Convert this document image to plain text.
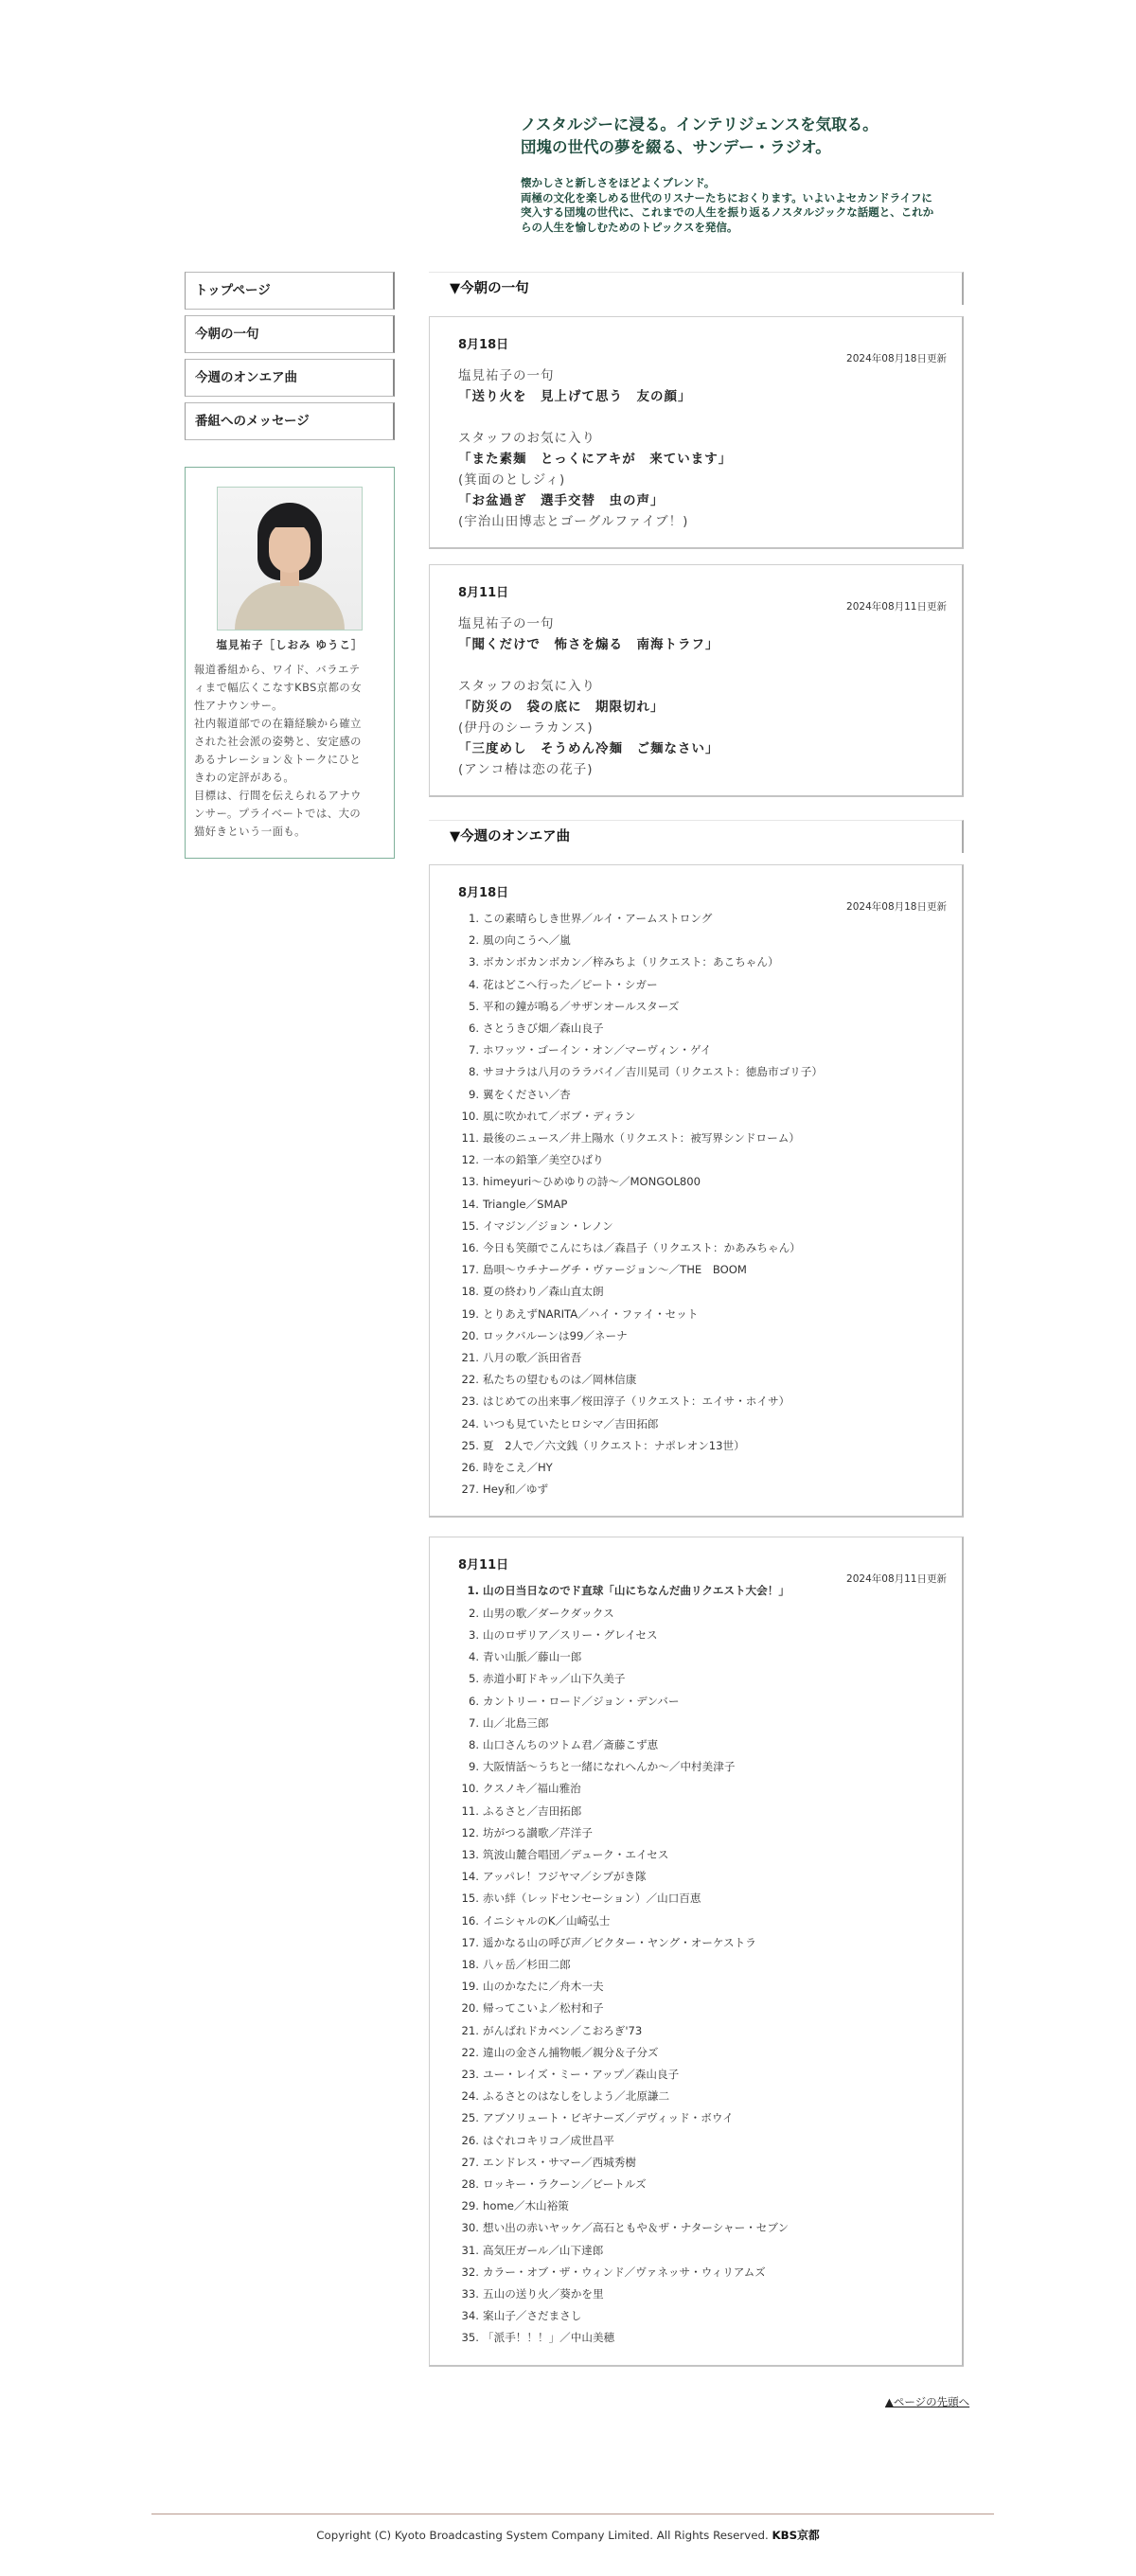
ノスタルジーに浸る。インテリジェンスを気取る。

団塊の世代の夢を綴る、サンデー・ラジオ。

懐かしさと新しさをほどよくブレンド。
両極の文化を楽しめる世代のリスナーたちにおくります。いよいよセカンドライフに
突入する団塊の世代に、これまでの人生を振り返るノスタルジックな話題と、これか
らの人生を愉しむためのトピックスを発信。
トップページ
今朝の一句
今週のオンエア曲
番組へのメッセージ
塩見祐子［しおみ ゆうこ］
報道番組から、ワイド、バラエテ
ィまで幅広くこなすKBS京都の女
性アナウンサー。
社内報道部での在籍経験から確立
された社会派の姿勢と、安定感の
あるナレーション＆トークにひと
きわの定評がある。
目標は、行間を伝えられるアナウ
ンサー。プライベートでは、大の
猫好きという一面も。
▼今朝の一句
8月18日
2024年08月18日更新
塩見祐子の一句
「送り火を　見上げて思う　友の顔」
スタッフのお気に入り
「また素麺　とっくにアキが　来ています」
(箕面のとしジィ)
「お盆過ぎ　選手交替　虫の声」
(宇治山田博志とゴーグルファイブ！)
8月11日
2024年08月11日更新
塩見祐子の一句
「聞くだけで　怖さを煽る　南海トラフ」
スタッフのお気に入り
「防災の　袋の底に　期限切れ」
(伊丹のシーラカンス)
「三度めし　そうめん冷麺　ご麺なさい」
(アンコ椿は恋の花子)
▼今週のオンエア曲
8月18日
2024年08月18日更新
1. この素晴らしき世界／ルイ・アームストロング
2. 風の向こうへ／嵐
3. ボカンボカンボカン／梓みちよ（リクエスト：あこちゃん）
4. 花はどこへ行った／ピート・シガー
5. 平和の鐘が鳴る／サザンオールスターズ
6. さとうきび畑／森山良子
7. ホワッツ・ゴーイン・オン／マーヴィン・ゲイ
8. サヨナラは八月のララバイ／吉川晃司（リクエスト：徳島市ゴリ子）
9. 翼をください／杏
10. 風に吹かれて／ボブ・ディラン
11. 最後のニュース／井上陽水（リクエスト：被写界シンドローム）
12. 一本の鉛筆／美空ひばり
13. himeyuri～ひめゆりの詩～／MONGOL800
14. Triangle／SMAP
15. イマジン／ジョン・レノン
16. 今日も笑顔でこんにちは／森昌子（リクエスト：かあみちゃん）
17. 島唄～ウチナーグチ・ヴァージョン～／THE　BOOM
18. 夏の終わり／森山直太朗
19. とりあえずNARITA／ハイ・ファイ・セット
20. ロックバルーンは99／ネーナ
21. 八月の歌／浜田省吾
22. 私たちの望むものは／岡林信康
23. はじめての出来事／桜田淳子（リクエスト：エイサ・ホイサ）
24. いつも見ていたヒロシマ／吉田拓郎
25. 夏　2人で／六文銭（リクエスト：ナポレオン13世）
26. 時をこえ／HY
27. Hey和／ゆず
8月11日
2024年08月11日更新
1. 山の日当日なのでド直球「山にちなんだ曲リクエスト大会！」
2. 山男の歌／ダークダックス
3. 山のロザリア／スリー・グレイセス
4. 青い山脈／藤山一郎
5. 赤道小町ドキッ／山下久美子
6. カントリー・ロード／ジョン・デンバー
7. 山／北島三郎
8. 山口さんちのツトム君／斎藤こず恵
9. 大阪情話～うちと一緒になれへんか～／中村美津子
10. クスノキ／福山雅治
11. ふるさと／吉田拓郎
12. 坊がつる讃歌／芹洋子
13. 筑波山麓合唱団／デューク・エイセス
14. アッパレ！フジヤマ／シブがき隊
15. 赤い絆（レッドセンセーション）／山口百恵
16. イニシャルのK／山崎弘士
17. 遥かなる山の呼び声／ビクター・ヤング・オーケストラ
18. 八ヶ岳／杉田二郎
19. 山のかなたに／舟木一夫
20. 帰ってこいよ／松村和子
21. がんばれドカベン／こおろぎ'73
22. 違山の金さん捕物帳／親分＆子分ズ
23. ユー・レイズ・ミー・アップ／森山良子
24. ふるさとのはなしをしよう／北原謙二
25. アブソリュート・ビギナーズ／デヴィッド・ボウイ
26. はぐれコキリコ／成世昌平
27. エンドレス・サマー／西城秀樹
28. ロッキー・ラクーン／ビートルズ
29. home／木山裕策
30. 想い出の赤いヤッケ／高石ともや＆ザ・ナターシャー・セブン
31. 高気圧ガール／山下達郎
32. カラー・オブ・ザ・ウィンド／ヴァネッサ・ウィリアムズ
33. 五山の送り火／葵かを里
34. 案山子／さだまさし
35. 「派手！！！」／中山美穂
▲ページの先頭へ
Copyright (C) Kyoto Broadcasting System Company Limited. All Rights Reserved. KBS京都
